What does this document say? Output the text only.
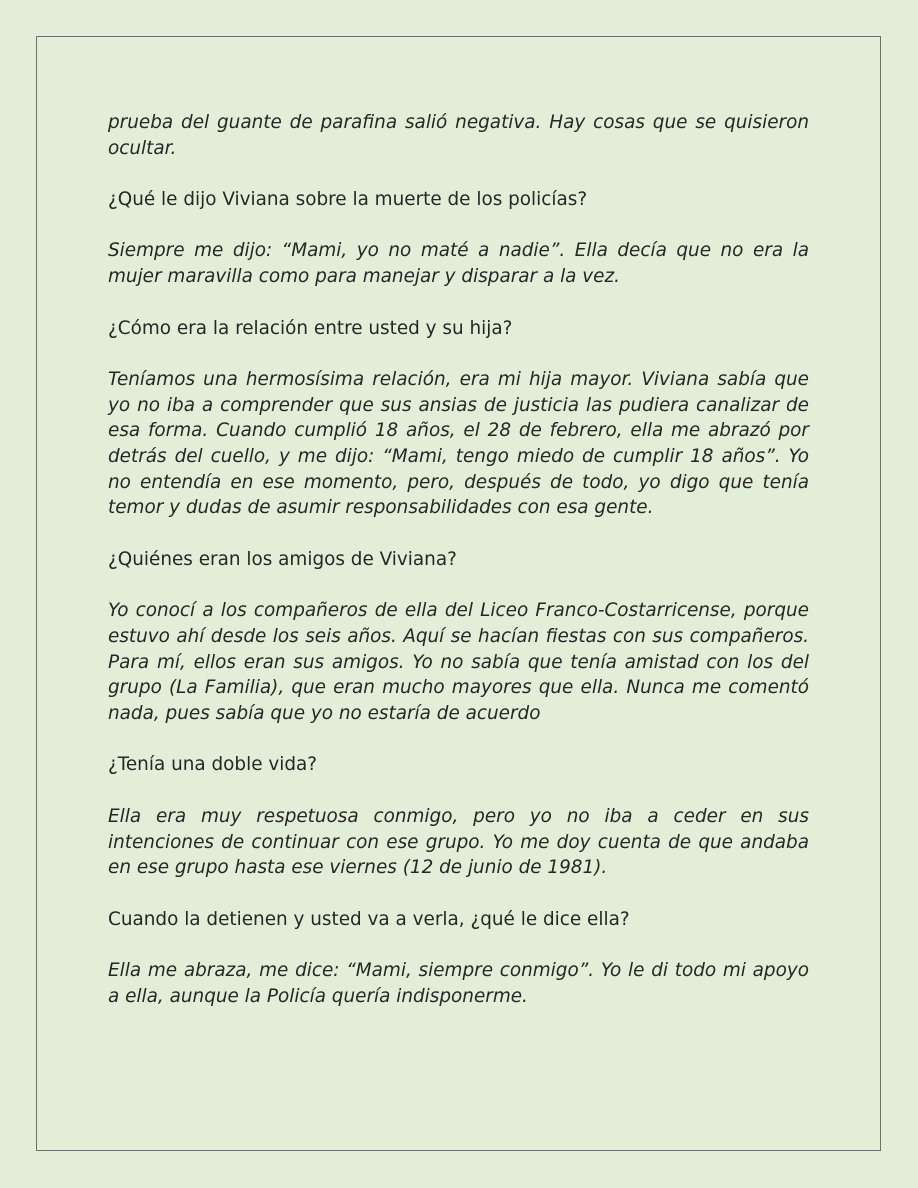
prueba del guante de parafina salió negativa. Hay cosas que se quisieron ocultar.

¿Qué le dijo Viviana sobre la muerte de los policías?

Siempre me dijo: “Mami, yo no maté a nadie”. Ella decía que no era la mujer maravilla como para manejar y disparar a la vez.

¿Cómo era la relación entre usted y su hija?

Teníamos una hermosísima relación, era mi hija mayor. Viviana sabía que yo no iba a comprender que sus ansias de justicia las pudiera canalizar de esa forma. Cuando cumplió 18 años, el 28 de febrero, ella me abrazó por detrás del cuello, y me dijo: “Mami, tengo miedo de cumplir 18 años”. Yo no entendía en ese momento, pero, después de todo, yo digo que tenía temor y dudas de asumir responsabilidades con esa gente.

¿Quiénes eran los amigos de Viviana?

Yo conocí a los compañeros de ella del Liceo Franco-Costarricense, porque estuvo ahí desde los seis años. Aquí se hacían fiestas con sus compañeros. Para mí, ellos eran sus amigos. Yo no sabía que tenía amistad con los del grupo (La Familia), que eran mucho mayores que ella. Nunca me comentó nada, pues sabía que yo no estaría de acuerdo

¿Tenía una doble vida?

Ella era muy respetuosa conmigo, pero yo no iba a ceder en sus intenciones de continuar con ese grupo. Yo me doy cuenta de que andaba en ese grupo hasta ese viernes (12 de junio de 1981).

Cuando la detienen y usted va a verla, ¿qué le dice ella?

Ella me abraza, me dice: “Mami, siempre conmigo”. Yo le di todo mi apoyo a ella, aunque la Policía quería indisponerme.
